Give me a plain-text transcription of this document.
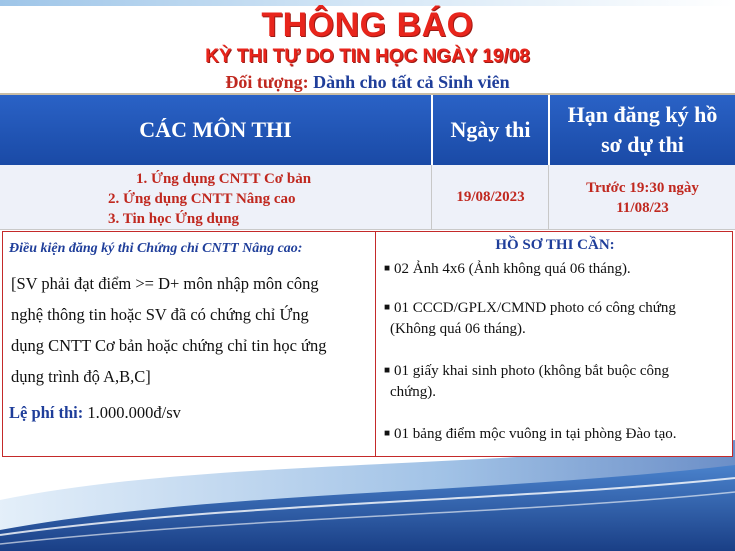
THÔNG BÁO
KỲ THI TỰ DO TIN HỌC NGÀY 19/08
Đối tượng: Dành cho tất cả Sinh viên
CÁC MÔN THI	Ngày thi
Hạn đăng ký hồ
sơ dự thi
1. Ứng dụng CNTT Cơ bản
2. Ứng dụng CNTT Nâng cao
3. Tin học Ứng dụng
19/08/2023
Trước 19:30 ngày
11/08/23
Điều kiện đăng ký thi Chứng chỉ CNTT Nâng cao:
[SV phải đạt điểm >= D+ môn nhập môn công
nghệ thông tin hoặc SV đã có chứng chỉ Ứng
dụng CNTT Cơ bản hoặc chứng chỉ tin học ứng
dụng trình độ A,B,C]
Lệ phí thi: 1.000.000đ/sv
HỒ SƠ THI CẦN:
■ 02 Ảnh 4x6 (Ảnh không quá 06 tháng).
■ 01 CCCD/GPLX/CMND photo có công chứng
(Không quá 06 tháng).
■ 01 giấy khai sinh photo (không bắt buộc công
chứng).
■ 01 bảng điểm mộc vuông in tại phòng Đào tạo.
